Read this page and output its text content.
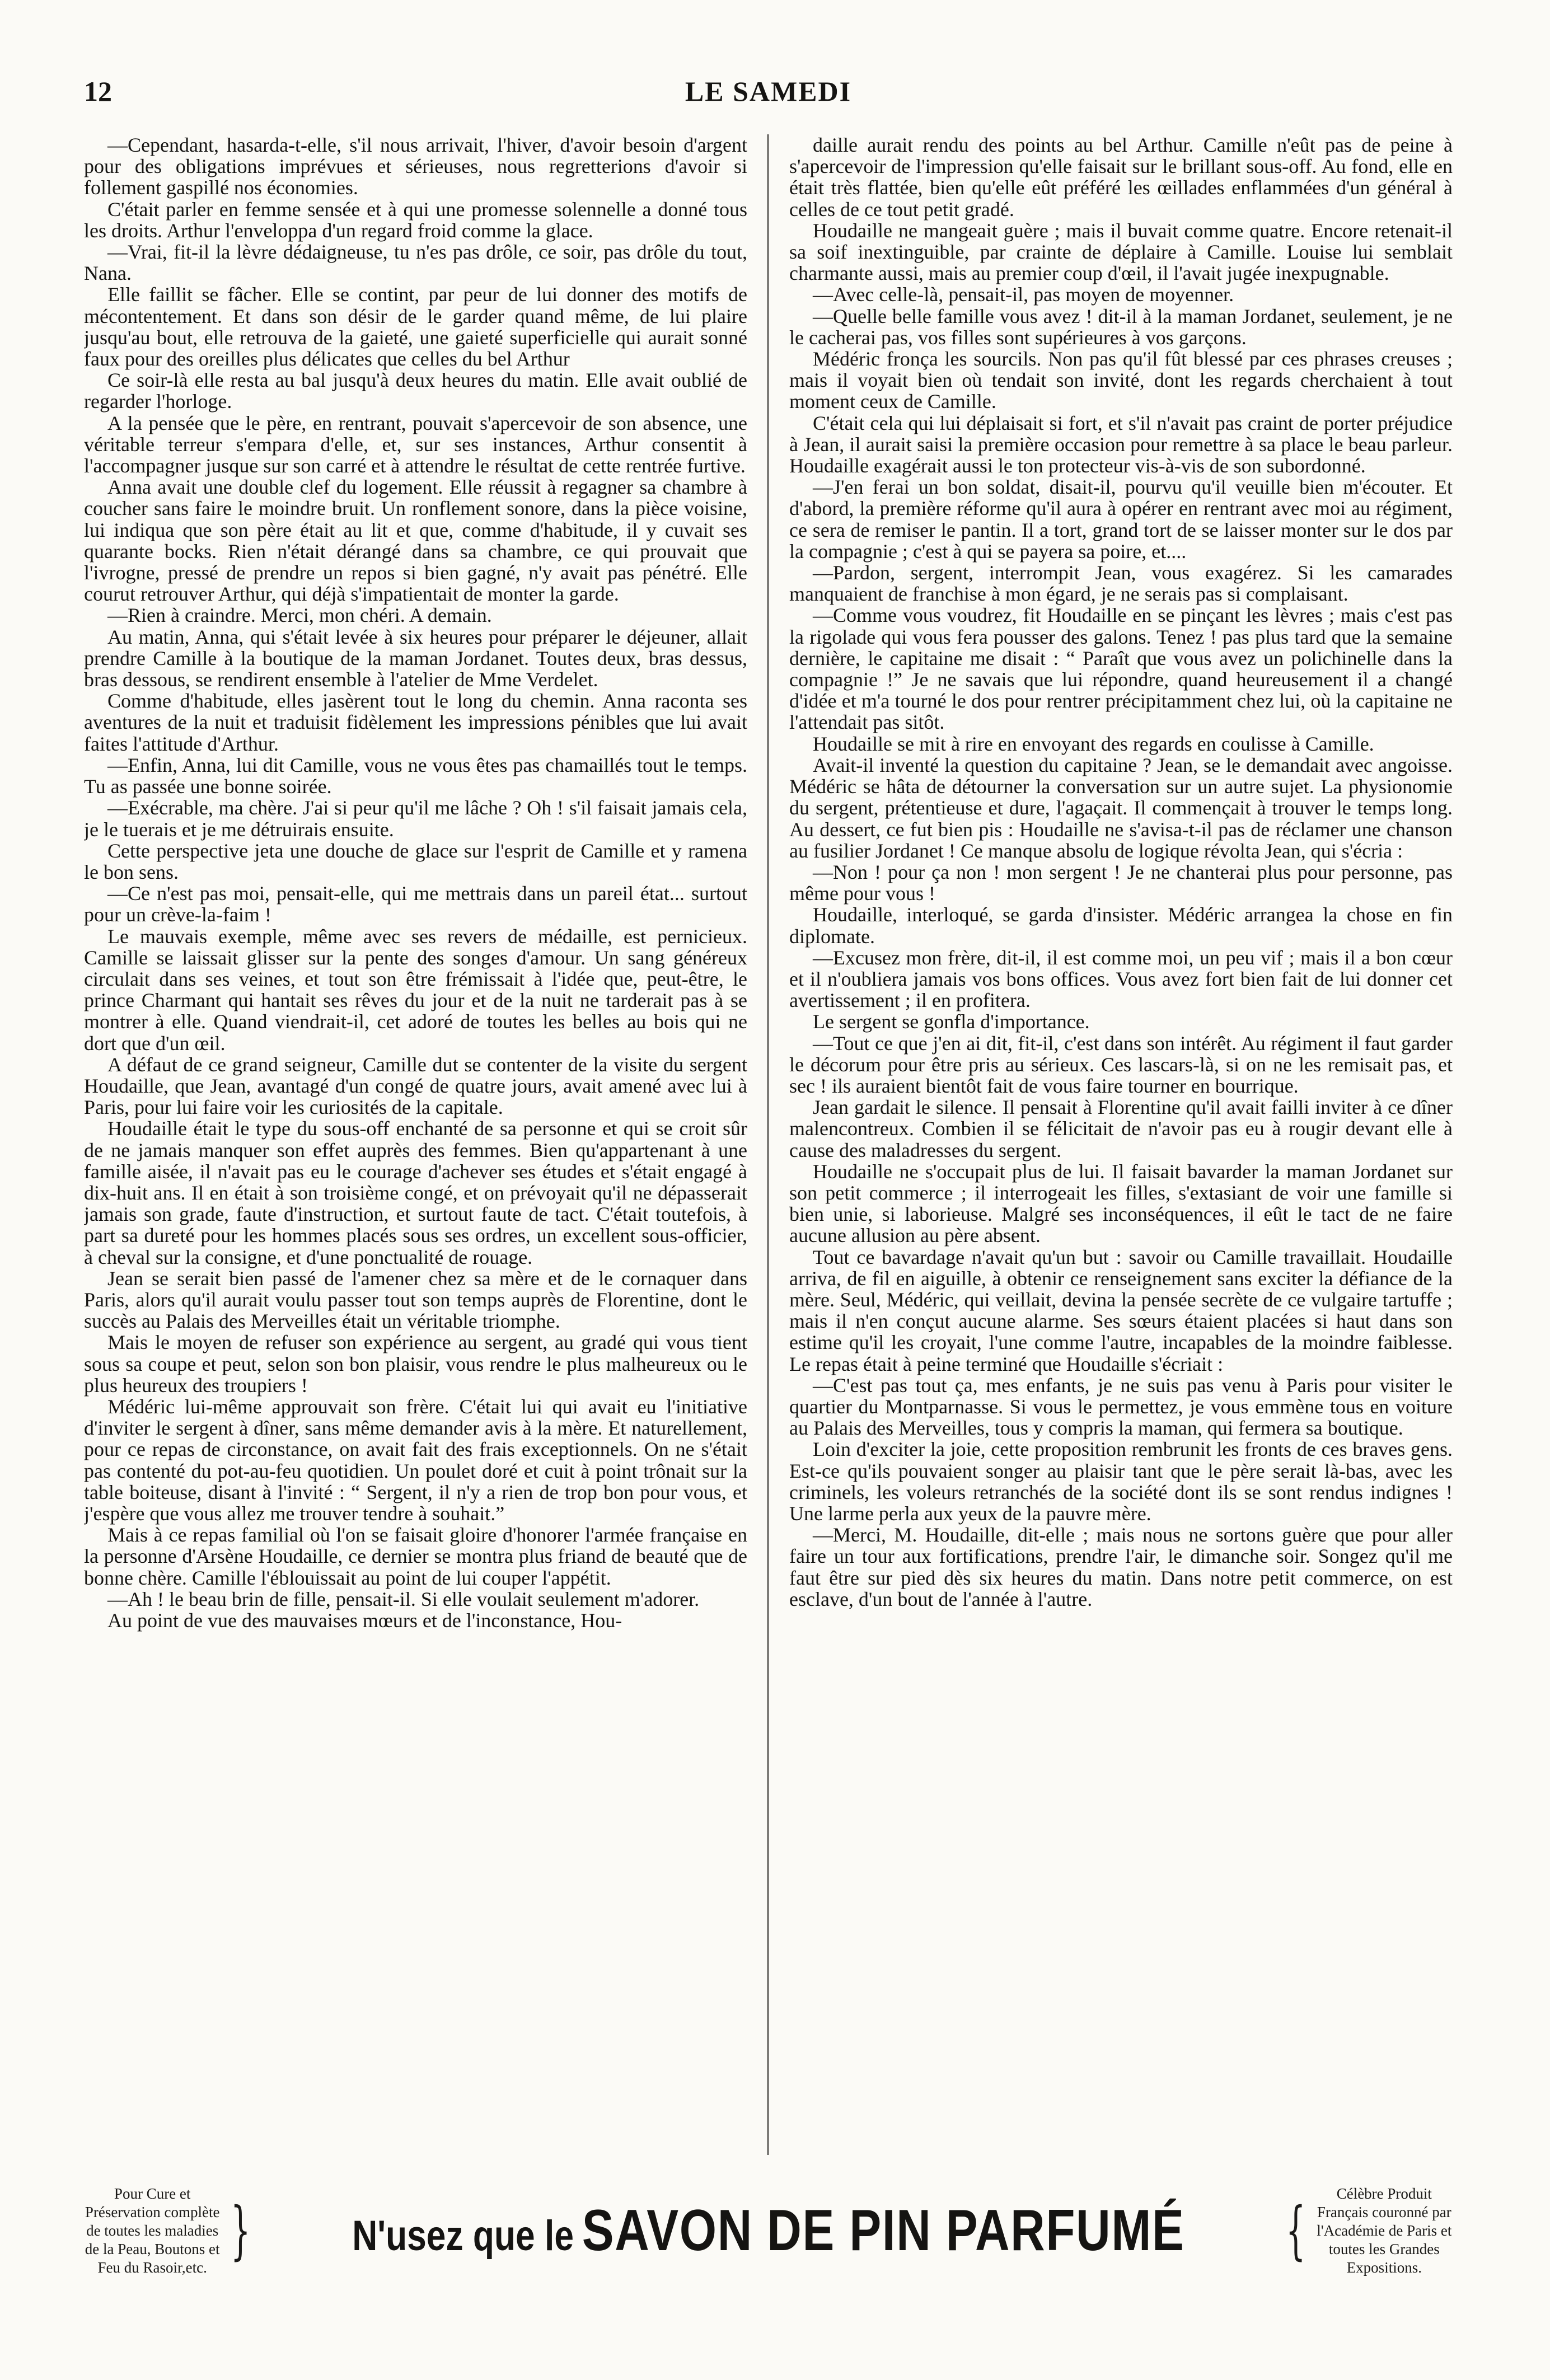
12	LE SAMEDI

—Cependant, hasarda-t-elle, s'il nous arrivait, l'hiver, d'avoir besoin d'argent pour des obligations imprévues et sérieuses, nous regretterions d'avoir si follement gaspillé nos économies.

C'était parler en femme sensée et à qui une promesse solennelle a donné tous les droits. Arthur l'enveloppa d'un regard froid comme la glace.

—Vrai, fit-il la lèvre dédaigneuse, tu n'es pas drôle, ce soir, pas drôle du tout, Nana.

Elle faillit se fâcher. Elle se contint, par peur de lui donner des motifs de mécontentement. Et dans son désir de le garder quand même, de lui plaire jusqu'au bout, elle retrouva de la gaieté, une gaieté superficielle qui aurait sonné faux pour des oreilles plus délicates que celles du bel Arthur

Ce soir-là elle resta au bal jusqu'à deux heures du matin. Elle avait oublié de regarder l'horloge.

A la pensée que le père, en rentrant, pouvait s'apercevoir de son absence, une véritable terreur s'empara d'elle, et, sur ses instances, Arthur consentit à l'accompagner jusque sur son carré et à attendre le résultat de cette rentrée furtive.

Anna avait une double clef du logement. Elle réussit à regagner sa chambre à coucher sans faire le moindre bruit. Un ronflement sonore, dans la pièce voisine, lui indiqua que son père était au lit et que, comme d'habitude, il y cuvait ses quarante bocks. Rien n'était dérangé dans sa chambre, ce qui prouvait que l'ivrogne, pressé de prendre un repos si bien gagné, n'y avait pas pénétré. Elle courut retrouver Arthur, qui déjà s'impatientait de monter la garde.

—Rien à craindre. Merci, mon chéri. A demain.

Au matin, Anna, qui s'était levée à six heures pour préparer le déjeuner, allait prendre Camille à la boutique de la maman Jordanet. Toutes deux, bras dessus, bras dessous, se rendirent ensemble à l'atelier de Mme Verdelet.

Comme d'habitude, elles jasèrent tout le long du chemin. Anna raconta ses aventures de la nuit et traduisit fidèlement les impressions pénibles que lui avait faites l'attitude d'Arthur.

—Enfin, Anna, lui dit Camille, vous ne vous êtes pas chamaillés tout le temps. Tu as passée une bonne soirée.

—Exécrable, ma chère. J'ai si peur qu'il me lâche ? Oh ! s'il faisait jamais cela, je le tuerais et je me détruirais ensuite.

Cette perspective jeta une douche de glace sur l'esprit de Camille et y ramena le bon sens.

—Ce n'est pas moi, pensait-elle, qui me mettrais dans un pareil état... surtout pour un crève-la-faim !

Le mauvais exemple, même avec ses revers de médaille, est pernicieux. Camille se laissait glisser sur la pente des songes d'amour. Un sang généreux circulait dans ses veines, et tout son être frémissait à l'idée que, peut-être, le prince Charmant qui hantait ses rêves du jour et de la nuit ne tarderait pas à se montrer à elle. Quand viendrait-il, cet adoré de toutes les belles au bois qui ne dort que d'un œil.

A défaut de ce grand seigneur, Camille dut se contenter de la visite du sergent Houdaille, que Jean, avantagé d'un congé de quatre jours, avait amené avec lui à Paris, pour lui faire voir les curiosités de la capitale.

Houdaille était le type du sous-off enchanté de sa personne et qui se croit sûr de ne jamais manquer son effet auprès des femmes. Bien qu'appartenant à une famille aisée, il n'avait pas eu le courage d'achever ses études et s'était engagé à dix-huit ans. Il en était à son troisième congé, et on prévoyait qu'il ne dépasserait jamais son grade, faute d'instruction, et surtout faute de tact. C'était toutefois, à part sa dureté pour les hommes placés sous ses ordres, un excellent sous-officier, à cheval sur la consigne, et d'une ponctualité de rouage.

Jean se serait bien passé de l'amener chez sa mère et de le cornaquer dans Paris, alors qu'il aurait voulu passer tout son temps auprès de Florentine, dont le succès au Palais des Merveilles était un véritable triomphe.

Mais le moyen de refuser son expérience au sergent, au gradé qui vous tient sous sa coupe et peut, selon son bon plaisir, vous rendre le plus malheureux ou le plus heureux des troupiers !

Médéric lui-même approuvait son frère. C'était lui qui avait eu l'initiative d'inviter le sergent à dîner, sans même demander avis à la mère. Et naturellement, pour ce repas de circonstance, on avait fait des frais exceptionnels. On ne s'était pas contenté du pot-au-feu quotidien. Un poulet doré et cuit à point trônait sur la table boiteuse, disant à l'invité : “ Sergent, il n'y a rien de trop bon pour vous, et j'espère que vous allez me trouver tendre à souhait.”

Mais à ce repas familial où l'on se faisait gloire d'honorer l'armée française en la personne d'Arsène Houdaille, ce dernier se montra plus friand de beauté que de bonne chère. Camille l'éblouissait au point de lui couper l'appétit.

—Ah ! le beau brin de fille, pensait-il. Si elle voulait seulement m'adorer.

Au point de vue des mauvaises mœurs et de l'inconstance, Hou-

daille aurait rendu des points au bel Arthur. Camille n'eût pas de peine à s'apercevoir de l'impression qu'elle faisait sur le brillant sous-off. Au fond, elle en était très flattée, bien qu'elle eût préféré les œillades enflammées d'un général à celles de ce tout petit gradé.

Houdaille ne mangeait guère ; mais il buvait comme quatre. Encore retenait-il sa soif inextinguible, par crainte de déplaire à Camille. Louise lui semblait charmante aussi, mais au premier coup d'œil, il l'avait jugée inexpugnable.

—Avec celle-là, pensait-il, pas moyen de moyenner.

—Quelle belle famille vous avez ! dit-il à la maman Jordanet, seulement, je ne le cacherai pas, vos filles sont supérieures à vos garçons.

Médéric fronça les sourcils. Non pas qu'il fût blessé par ces phrases creuses ; mais il voyait bien où tendait son invité, dont les regards cherchaient à tout moment ceux de Camille.

C'était cela qui lui déplaisait si fort, et s'il n'avait pas craint de porter préjudice à Jean, il aurait saisi la première occasion pour remettre à sa place le beau parleur. Houdaille exagérait aussi le ton protecteur vis-à-vis de son subordonné.

—J'en ferai un bon soldat, disait-il, pourvu qu'il veuille bien m'écouter. Et d'abord, la première réforme qu'il aura à opérer en rentrant avec moi au régiment, ce sera de remiser le pantin. Il a tort, grand tort de se laisser monter sur le dos par la compagnie ; c'est à qui se payera sa poire, et....

—Pardon, sergent, interrompit Jean, vous exagérez. Si les camarades manquaient de franchise à mon égard, je ne serais pas si complaisant.

—Comme vous voudrez, fit Houdaille en se pinçant les lèvres ; mais c'est pas la rigolade qui vous fera pousser des galons. Tenez ! pas plus tard que la semaine dernière, le capitaine me disait : “ Paraît que vous avez un polichinelle dans la compagnie !” Je ne savais que lui répondre, quand heureusement il a changé d'idée et m'a tourné le dos pour rentrer précipitamment chez lui, où la capitaine ne l'attendait pas sitôt.

Houdaille se mit à rire en envoyant des regards en coulisse à Camille.

Avait-il inventé la question du capitaine ? Jean, se le demandait avec angoisse. Médéric se hâta de détourner la conversation sur un autre sujet. La physionomie du sergent, prétentieuse et dure, l'agaçait. Il commençait à trouver le temps long. Au dessert, ce fut bien pis : Houdaille ne s'avisa-t-il pas de réclamer une chanson au fusilier Jordanet ! Ce manque absolu de logique révolta Jean, qui s'écria :

—Non ! pour ça non ! mon sergent ! Je ne chanterai plus pour personne, pas même pour vous !

Houdaille, interloqué, se garda d'insister. Médéric arrangea la chose en fin diplomate.

—Excusez mon frère, dit-il, il est comme moi, un peu vif ; mais il a bon cœur et il n'oubliera jamais vos bons offices. Vous avez fort bien fait de lui donner cet avertissement ; il en profitera.

Le sergent se gonfla d'importance.

—Tout ce que j'en ai dit, fit-il, c'est dans son intérêt. Au régiment il faut garder le décorum pour être pris au sérieux. Ces lascars-là, si on ne les remisait pas, et sec ! ils auraient bientôt fait de vous faire tourner en bourrique.

Jean gardait le silence. Il pensait à Florentine qu'il avait failli inviter à ce dîner malencontreux. Combien il se félicitait de n'avoir pas eu à rougir devant elle à cause des maladresses du sergent.

Houdaille ne s'occupait plus de lui. Il faisait bavarder la maman Jordanet sur son petit commerce ; il interrogeait les filles, s'extasiant de voir une famille si bien unie, si laborieuse. Malgré ses inconséquences, il eût le tact de ne faire aucune allusion au père absent.

Tout ce bavardage n'avait qu'un but : savoir ou Camille travaillait. Houdaille arriva, de fil en aiguille, à obtenir ce renseignement sans exciter la défiance de la mère. Seul, Médéric, qui veillait, devina la pensée secrète de ce vulgaire tartuffe ; mais il n'en conçut aucune alarme. Ses sœurs étaient placées si haut dans son estime qu'il les croyait, l'une comme l'autre, incapables de la moindre faiblesse. Le repas était à peine terminé que Houdaille s'écriait :

—C'est pas tout ça, mes enfants, je ne suis pas venu à Paris pour visiter le quartier du Montparnasse. Si vous le permettez, je vous emmène tous en voiture au Palais des Merveilles, tous y compris la maman, qui fermera sa boutique.

Loin d'exciter la joie, cette proposition rembrunit les fronts de ces braves gens. Est-ce qu'ils pouvaient songer au plaisir tant que le père serait là-bas, avec les criminels, les voleurs retranchés de la société dont ils se sont rendus indignes ! Une larme perla aux yeux de la pauvre mère.

—Merci, M. Houdaille, dit-elle ; mais nous ne sortons guère que pour aller faire un tour aux fortifications, prendre l'air, le dimanche soir. Songez qu'il me faut être sur pied dès six heures du matin. Dans notre petit commerce, on est esclave, d'un bout de l'année à l'autre.

Pour Cure et Préservation complète de toutes les maladies de la Peau, Boutons et Feu du Rasoir,etc.
} N'usez que le SAVON DE PIN PARFUMÉ {
Célèbre Produit Français couronné par l'Académie de Paris et toutes les Grandes Expositions.
